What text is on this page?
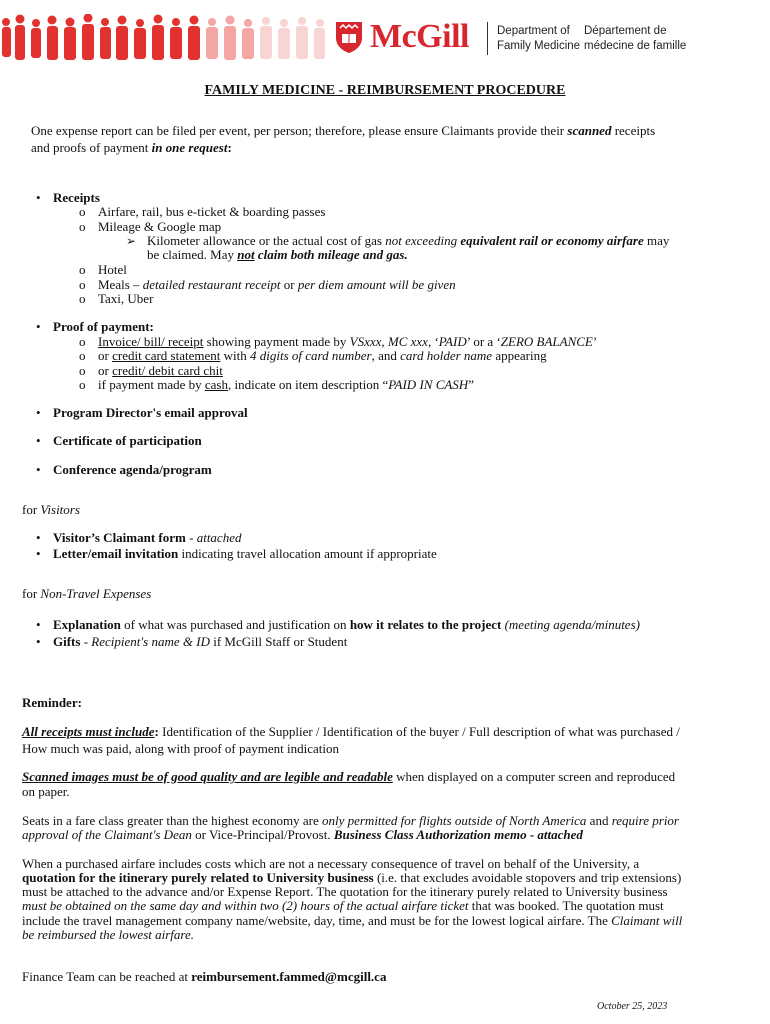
McGill Department of
Family Medicine
Département de
médecine de famille
FAMILY MEDICINE - REIMBURSEMENT PROCEDURE
One expense report can be filed per event, per person; therefore, please ensure Claimants provide their scanned receipts
and proofs of payment in one request:
• Receipts
o Airfare, rail, bus e-ticket & boarding passes
o Mileage & Google map
➢ Kilometer allowance or the actual cost of gas not exceeding equivalent rail or economy airfare may
be claimed. May not claim both mileage and gas.
o Hotel
o Meals – detailed restaurant receipt or per diem amount will be given
o Taxi, Uber
• Proof of payment:
o Invoice/ bill/ receipt showing payment made by VSxxx, MC xxx, ‘PAID’ or a ‘ZERO BALANCE’
o or credit card statement with 4 digits of card number, and card holder name appearing
o or credit/ debit card chit
o if payment made by cash, indicate on item description “PAID IN CASH”
• Program Director's email approval
• Certificate of participation
• Conference agenda/program
for Visitors
• Visitor’s Claimant form - attached
• Letter/email invitation indicating travel allocation amount if appropriate
for Non-Travel Expenses
• Explanation of what was purchased and justification on how it relates to the project (meeting agenda/minutes)
• Gifts - Recipient's name & ID if McGill Staff or Student
Reminder:
All receipts must include: Identification of the Supplier / Identification of the buyer / Full description of what was purchased /
How much was paid, along with proof of payment indication
Scanned images must be of good quality and are legible and readable when displayed on a computer screen and reproduced
on paper.
Seats in a fare class greater than the highest economy are only permitted for flights outside of North America and require prior
approval of the Claimant's Dean or Vice-Principal/Provost. Business Class Authorization memo - attached
When a purchased airfare includes costs which are not a necessary consequence of travel on behalf of the University, a
quotation for the itinerary purely related to University business (i.e. that excludes avoidable stopovers and trip extensions)
must be attached to the advance and/or Expense Report. The quotation for the itinerary purely related to University business
must be obtained on the same day and within two (2) hours of the actual airfare ticket that was booked. The quotation must
include the travel management company name/website, day, time, and must be for the lowest logical airfare. The Claimant will
be reimbursed the lowest airfare.
Finance Team can be reached at reimbursement.fammed@mcgill.ca
October 25, 2023
